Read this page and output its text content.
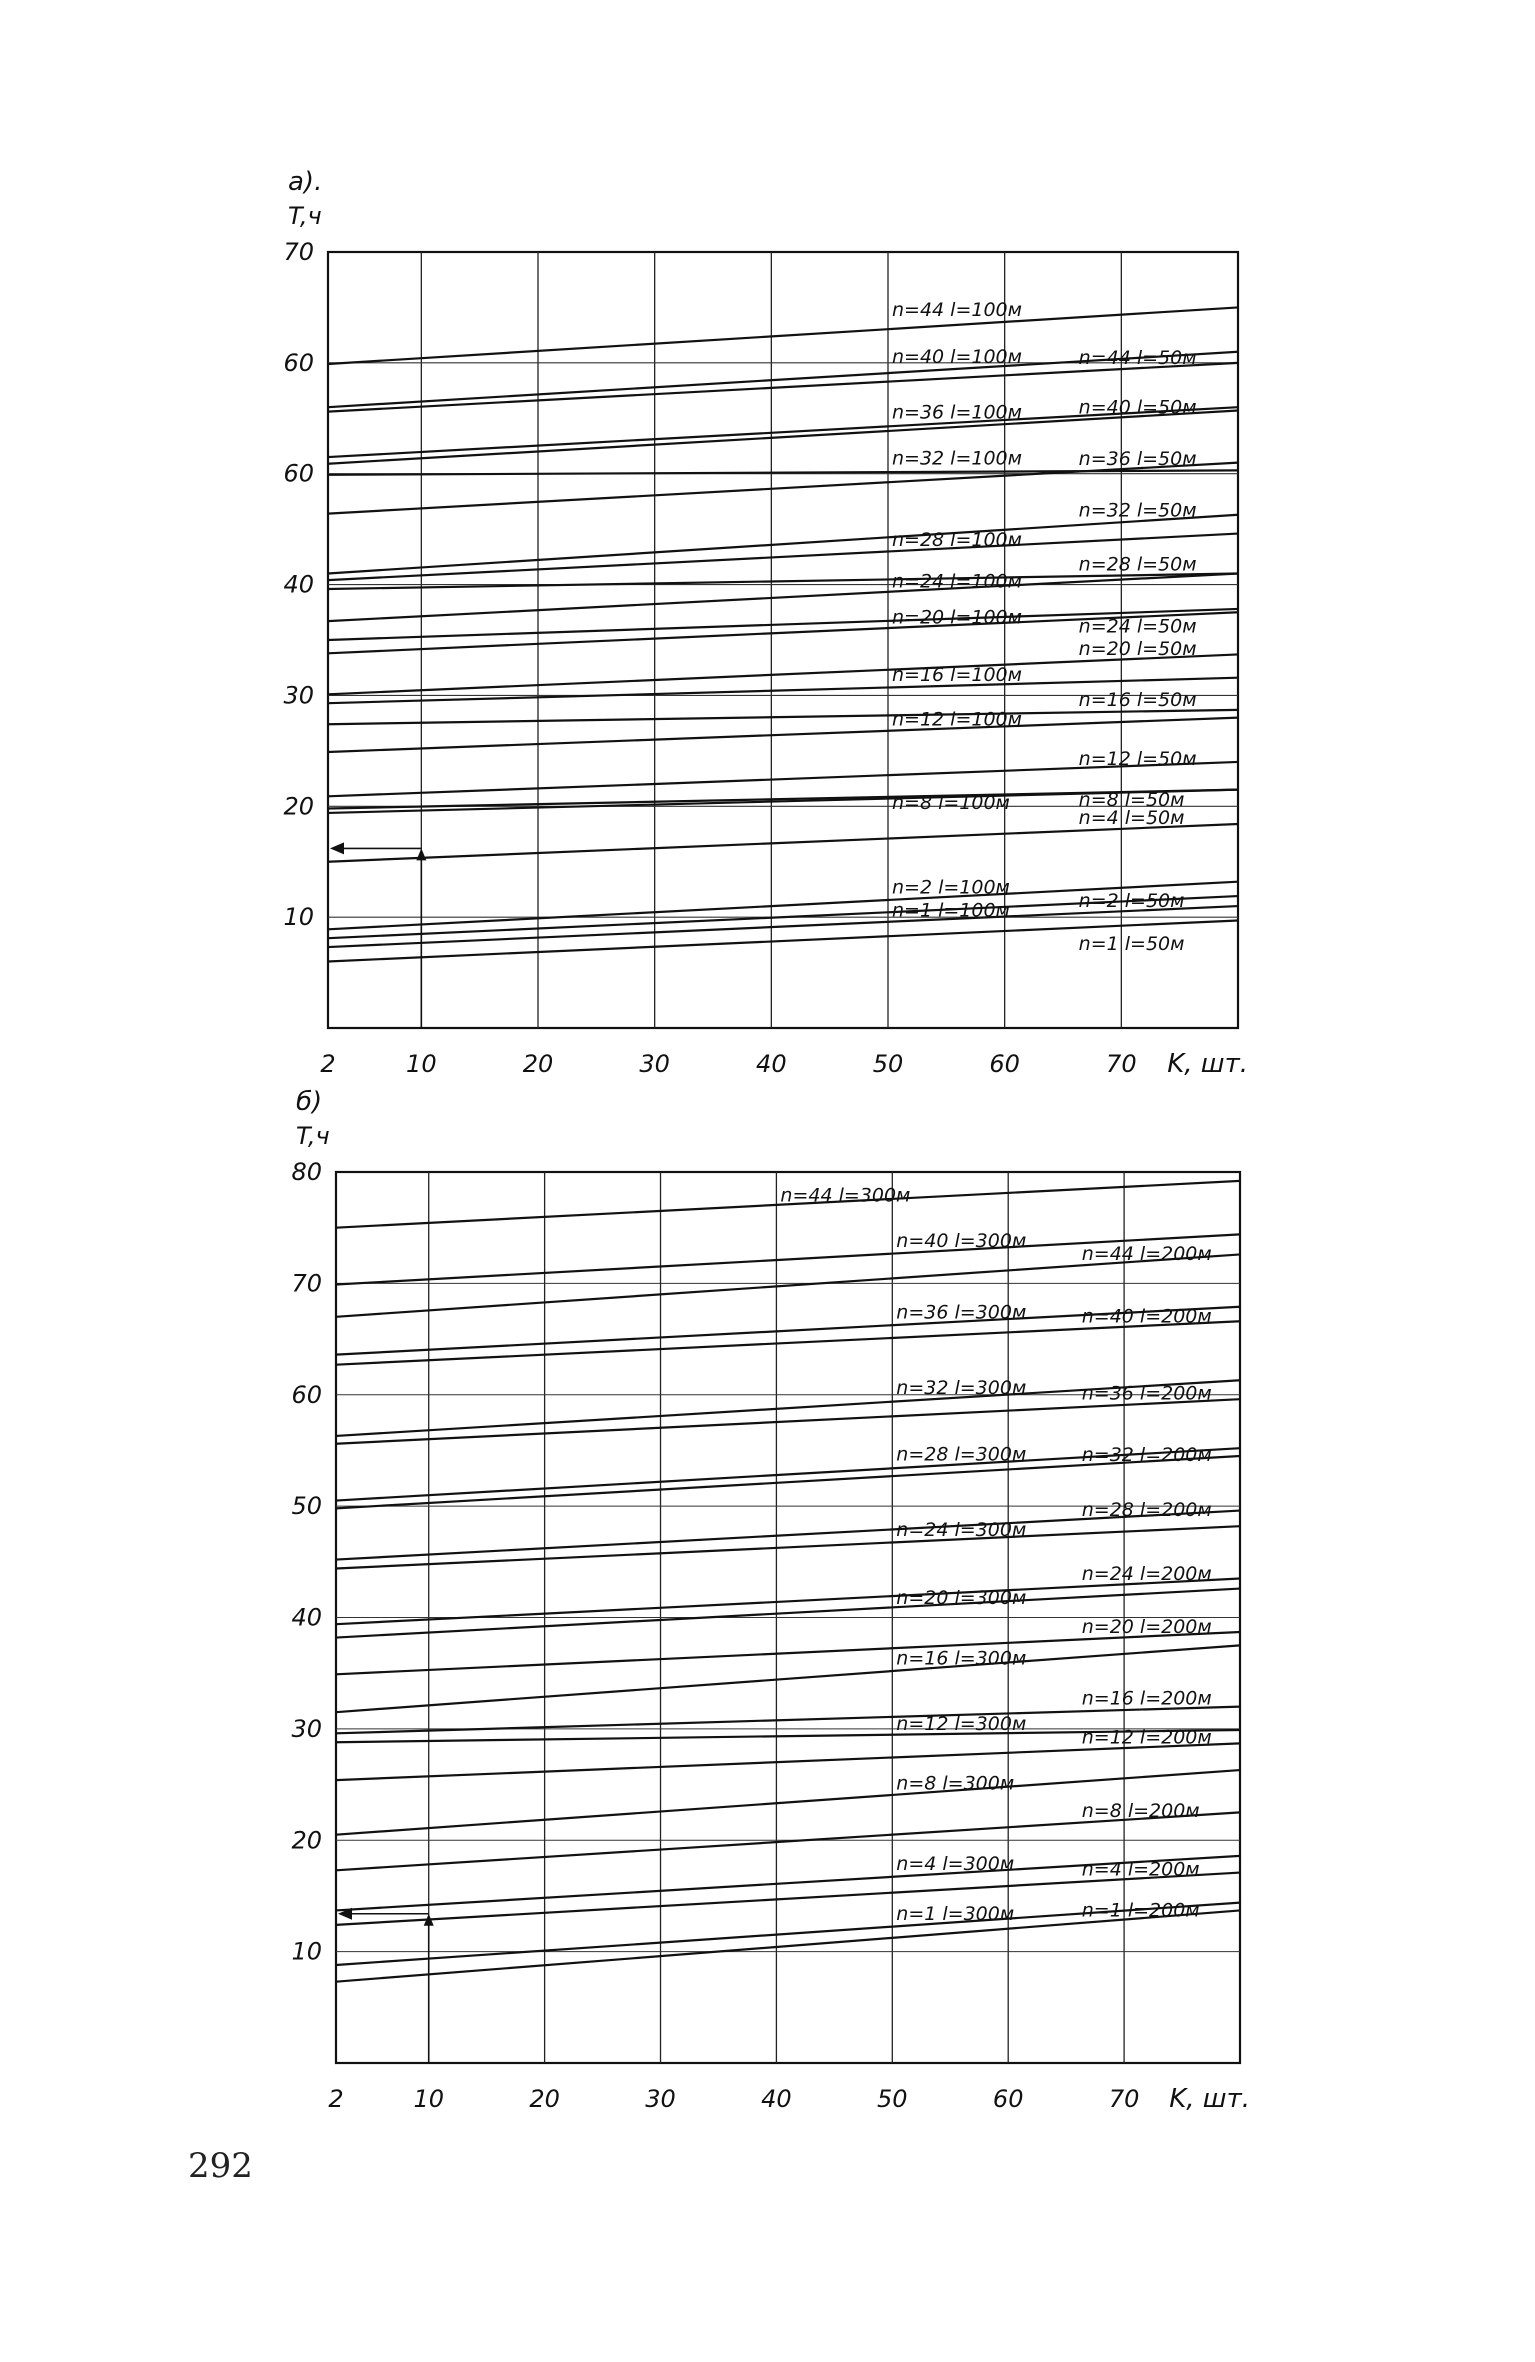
2	10	20	30	40	50	60	70
10
20
30
40
60
60
70
а).
T,ч
K, шт.
n=44 l=100м
n=40 l=100м	n=44 l=50м
n=36 l=100м	n=40 l=50м
n=36 l=50м
n=32 l=100м
n=32 l=50м
n=28 l=100м
n=28 l=50м
n=24 l=100м
n=24 l=50м
n=20 l=100м
n=20 l=50м
n=16 l=100м
n=16 l=50м
n=12 l=100м
n=12 l=50м
n=8 l=100м	n=8 l=50м
n=4 l=50м
n=2 l=100м
n=1 l=100м	n=2 l=50м
n=1 l=50м
2	10	20	30	40	50	60	70
10
20
30
40
50
60
70
80
б)
T,ч
K, шт.
n=44 l=300м
n=40 l=300м
n=44 l=200м
n=36 l=300м	n=40 l=200м
n=32 l=300м	n=36 l=200м
n=28 l=300м	n=32 l=200м
n=28 l=200м
n=24 l=300м
n=24 l=200м
n=20 l=300м
n=20 l=200м
n=16 l=300м
n=16 l=200м
n=12 l=300м
n=12 l=200м
n=8 l=300м
n=8 l=200м
n=4 l=300м	n=4 l=200м
n=1 l=300м	n=1 l=200м
292
